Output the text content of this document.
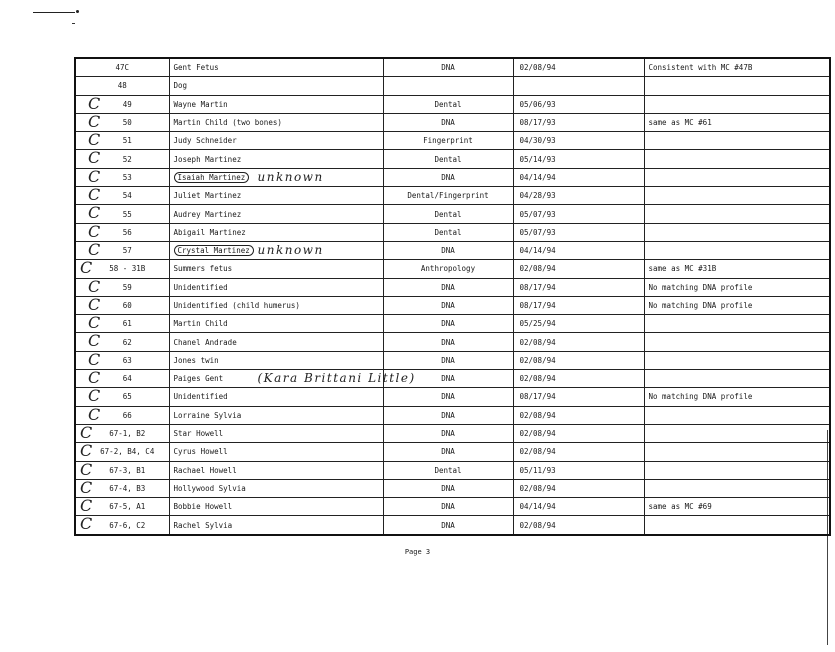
47C	Gent Fetus	DNA	02/08/94	Consistent with MC #47B
48	Dog			

C 49	Wayne Martin	Dental	05/06/93	

C 50	Martin Child (two bones)	DNA	08/17/93	same as MC #61

C 51	Judy Schneider	Fingerprint	04/30/93	

C 52	Joseph Martinez	Dental	05/14/93	

C 53	Isaiah Martinez unknown	DNA	04/14/94	

C 54	Juliet Martinez	Dental/Fingerprint	04/28/93	

C 55	Audrey Martinez	Dental	05/07/93	

C 56	Abigail Martinez	Dental	05/07/93	

C 57	Crystal Martinez unknown	DNA	04/14/94	

C 58 - 31B	Summers fetus	Anthropology	02/08/94	same as MC #31B

C 59	Unidentified	DNA	08/17/94	No matching DNA profile

C 60	Unidentified (child humerus)	DNA	08/17/94	No matching DNA profile

C 61	Martin Child	DNA	05/25/94	

C 62	Chanel Andrade	DNA	02/08/94	

C 63	Jones twin	DNA	02/08/94	

C 64	Paiges Gent (Kara Brittani Little)	DNA	02/08/94	

C 65	Unidentified	DNA	08/17/94	No matching DNA profile

C 66	Lorraine Sylvia	DNA	02/08/94	

C 67-1, B2	Star Howell	DNA	02/08/94	

C 67-2, B4, C4	Cyrus Howell	DNA	02/08/94	

C 67-3, B1	Rachael Howell	Dental	05/11/93	

C 67-4, B3	Hollywood Sylvia	DNA	02/08/94	

C 67-5, A1	Bobbie Howell	DNA	04/14/94	same as MC #69

C 67-6, C2	Rachel Sylvia	DNA	02/08/94	
Page 3
